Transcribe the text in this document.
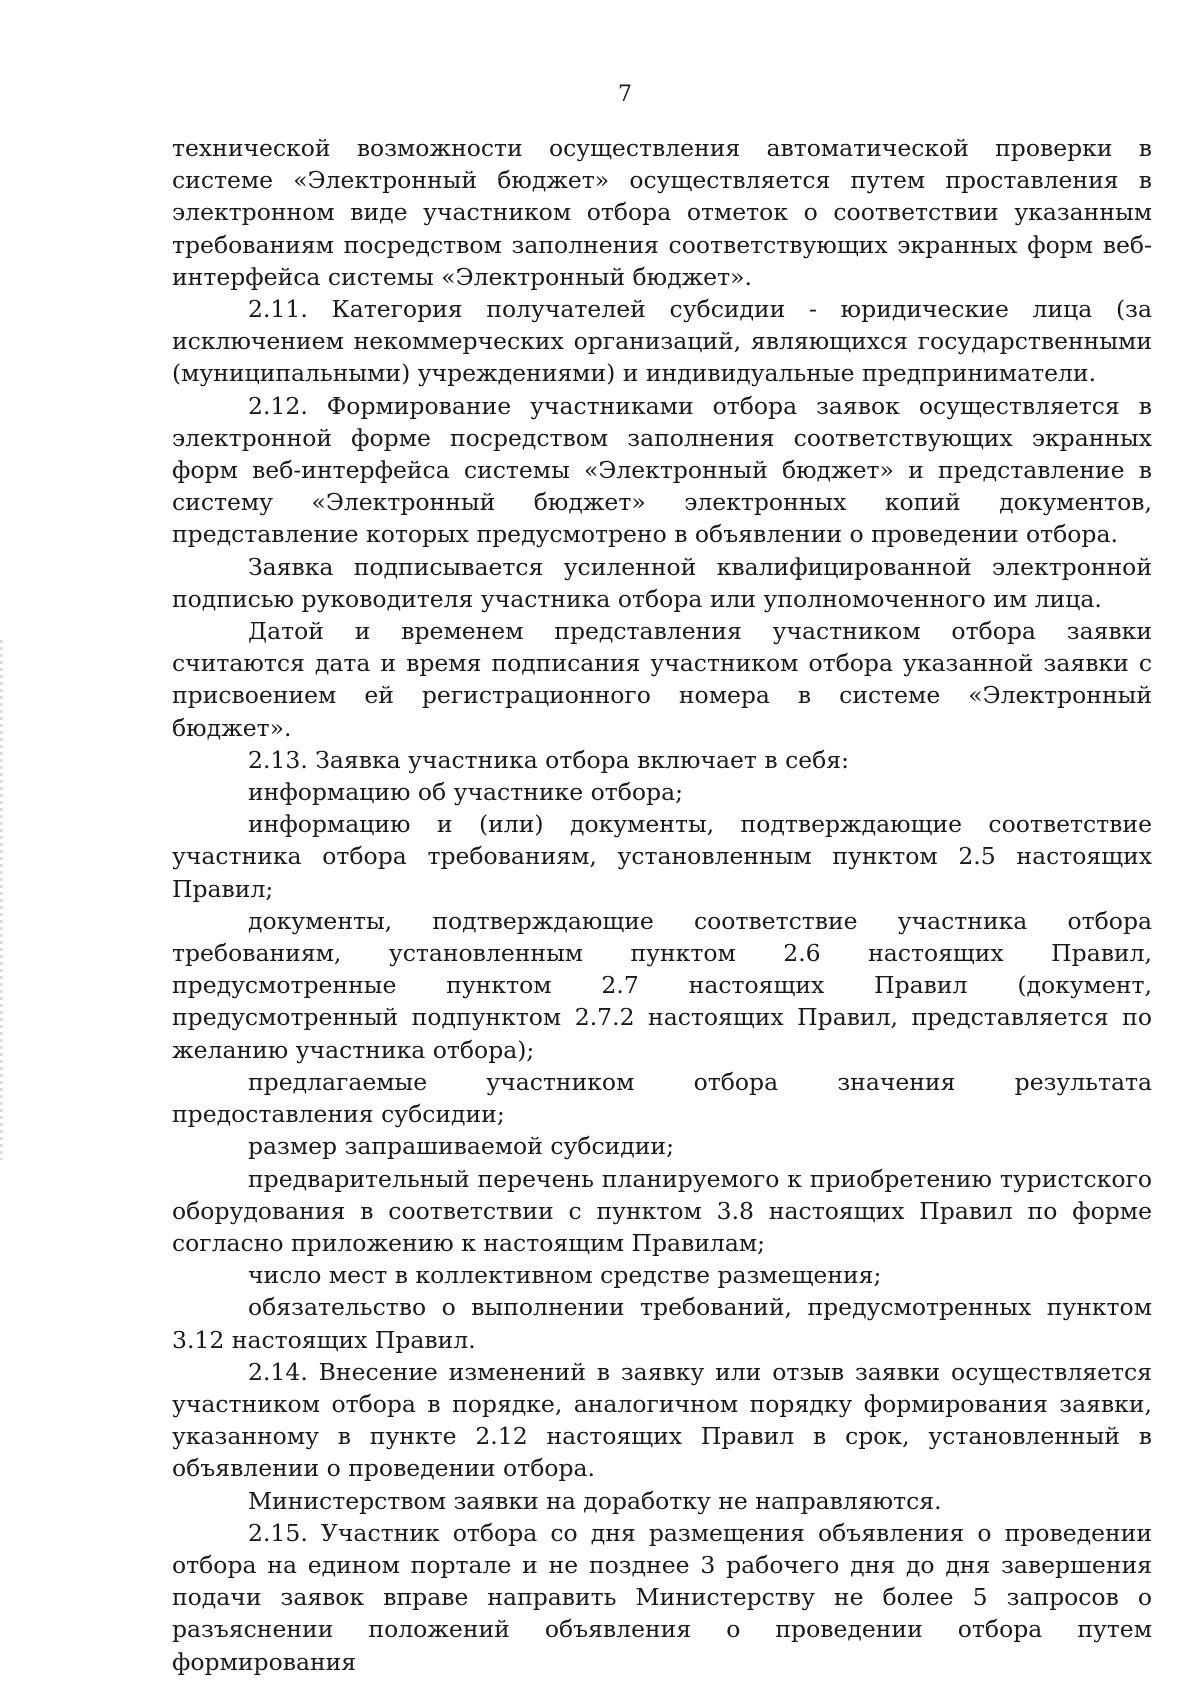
7

технической возможности осуществления автоматической проверки в системе «Электронный бюджет» осуществляется путем проставления в электронном виде участником отбора отметок о соответствии указанным требованиям посредством заполнения соответствующих экранных форм веб-интерфейса системы «Электронный бюджет».

2.11. Категория получателей субсидии - юридические лица (за исключением некоммерческих организаций, являющихся государственными (муниципальными) учреждениями) и индивидуальные предприниматели.

2.12. Формирование участниками отбора заявок осуществляется в электронной форме посредством заполнения соответствующих экранных форм веб-интерфейса системы «Электронный бюджет» и представление в систему «Электронный бюджет» электронных копий документов, представление которых предусмотрено в объявлении о проведении отбора.

Заявка подписывается усиленной квалифицированной электронной подписью руководителя участника отбора или уполномоченного им лица.

Датой и временем представления участником отбора заявки считаются дата и время подписания участником отбора указанной заявки с присвоением ей регистрационного номера в системе «Электронный бюджет».

2.13. Заявка участника отбора включает в себя:

информацию об участнике отбора;

информацию и (или) документы, подтверждающие соответствие участника отбора требованиям, установленным пунктом 2.5 настоящих Правил;

документы, подтверждающие соответствие участника отбора требованиям, установленным пунктом 2.6 настоящих Правил, предусмотренные пунктом 2.7 настоящих Правил (документ, предусмотренный подпунктом 2.7.2 настоящих Правил, представляется по желанию участника отбора);

предлагаемые участником отбора значения результата предоставления субсидии;

размер запрашиваемой субсидии;

предварительный перечень планируемого к приобретению туристского оборудования в соответствии с пунктом 3.8 настоящих Правил по форме согласно приложению к настоящим Правилам;

число мест в коллективном средстве размещения;

обязательство о выполнении требований, предусмотренных пунктом 3.12 настоящих Правил.

2.14. Внесение изменений в заявку или отзыв заявки осуществляется участником отбора в порядке, аналогичном порядку формирования заявки, указанному в пункте 2.12 настоящих Правил в срок, установленный в объявлении о проведении отбора.

Министерством заявки на доработку не направляются.

2.15. Участник отбора со дня размещения объявления о проведении отбора на едином портале и не позднее 3 рабочего дня до дня завершения подачи заявок вправе направить Министерству не более 5 запросов о разъяснении положений объявления о проведении отбора путем формирования
